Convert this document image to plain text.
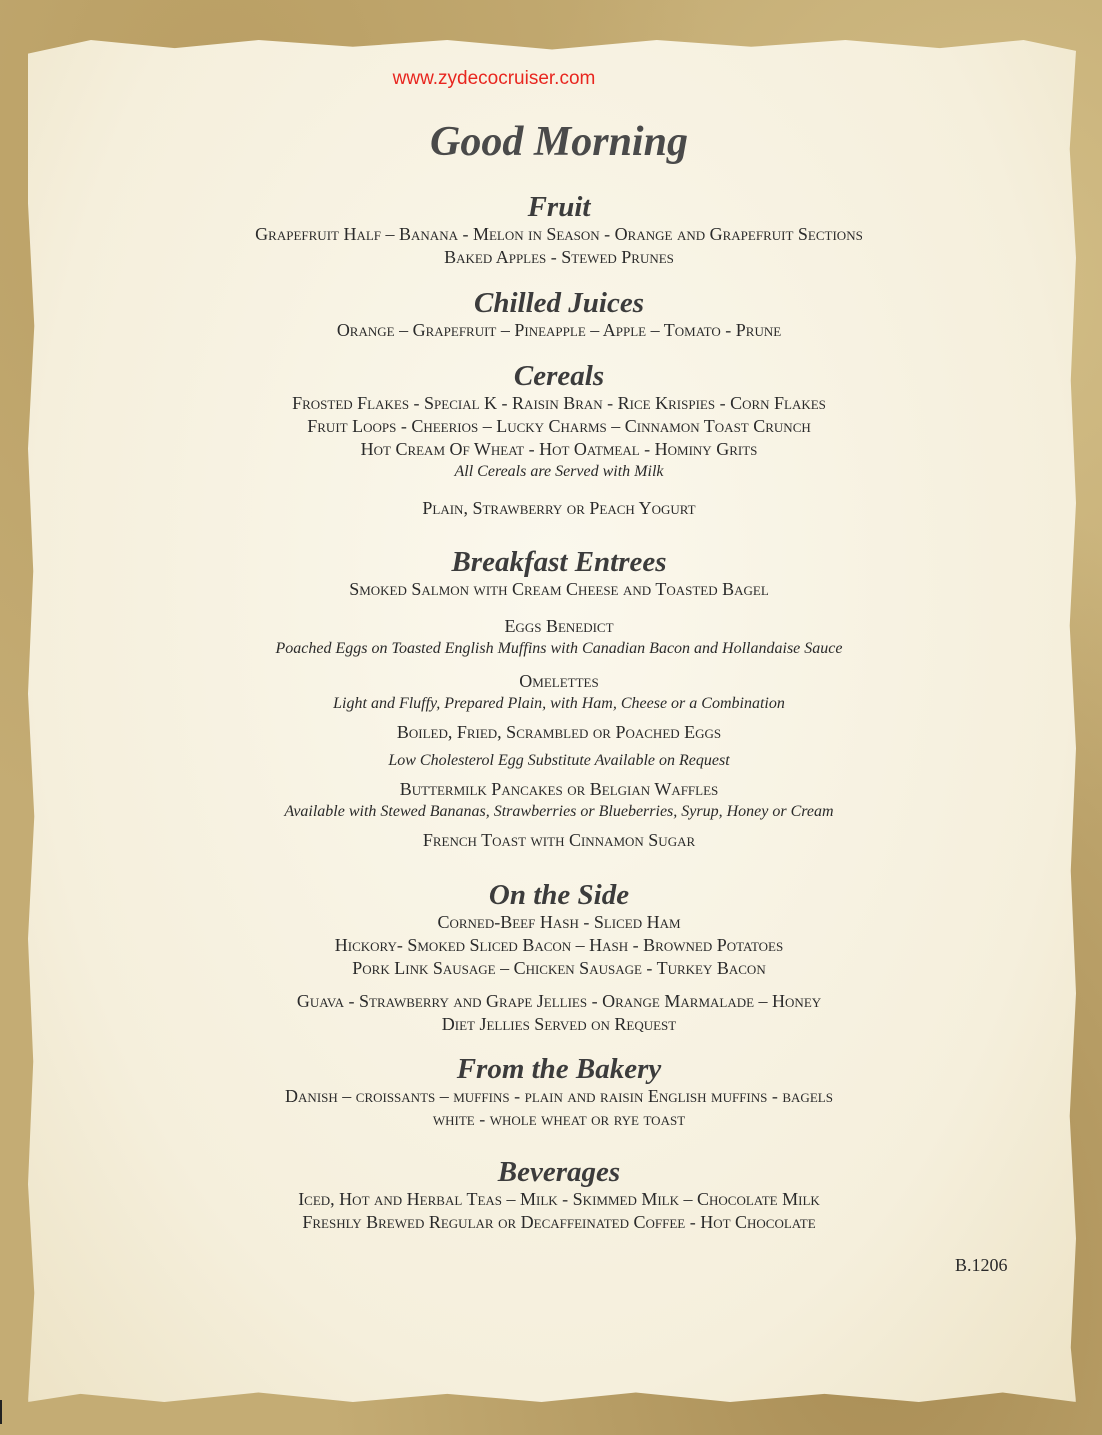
www.zydecocruiser.com
Good Morning
Fruit
Grapefruit Half – Banana - Melon in Season - Orange and Grapefruit Sections
Baked Apples - Stewed Prunes
Chilled Juices
Orange – Grapefruit – Pineapple – Apple – Tomato - Prune
Cereals
Frosted Flakes - Special K - Raisin Bran - Rice Krispies - Corn Flakes
Fruit Loops - Cheerios – Lucky Charms – Cinnamon Toast Crunch
Hot Cream Of Wheat - Hot Oatmeal - Hominy Grits
All Cereals are Served with Milk
Plain, Strawberry or Peach Yogurt
Breakfast Entrees
Smoked Salmon with Cream Cheese and Toasted Bagel
Eggs Benedict
Poached Eggs on Toasted English Muffins with Canadian Bacon and Hollandaise Sauce
Omelettes
Light and Fluffy, Prepared Plain, with Ham, Cheese or a Combination
Boiled, Fried, Scrambled or Poached Eggs
Low Cholesterol Egg Substitute Available on Request
Buttermilk Pancakes or Belgian Waffles
Available with Stewed Bananas, Strawberries or Blueberries, Syrup, Honey or Cream
French Toast with Cinnamon Sugar
On the Side
Corned-Beef Hash - Sliced Ham
Hickory- Smoked Sliced Bacon – Hash - Browned Potatoes
Pork Link Sausage – Chicken Sausage - Turkey Bacon
Guava - Strawberry and Grape Jellies - Orange Marmalade – Honey
Diet Jellies Served on Request
From the Bakery
Danish – croissants – muffins - plain and raisin English muffins - bagels
white - whole wheat or rye toast
Beverages
Iced, Hot and Herbal Teas – Milk - Skimmed Milk – Chocolate Milk
Freshly Brewed Regular or Decaffeinated Coffee - Hot Chocolate
B.1206
